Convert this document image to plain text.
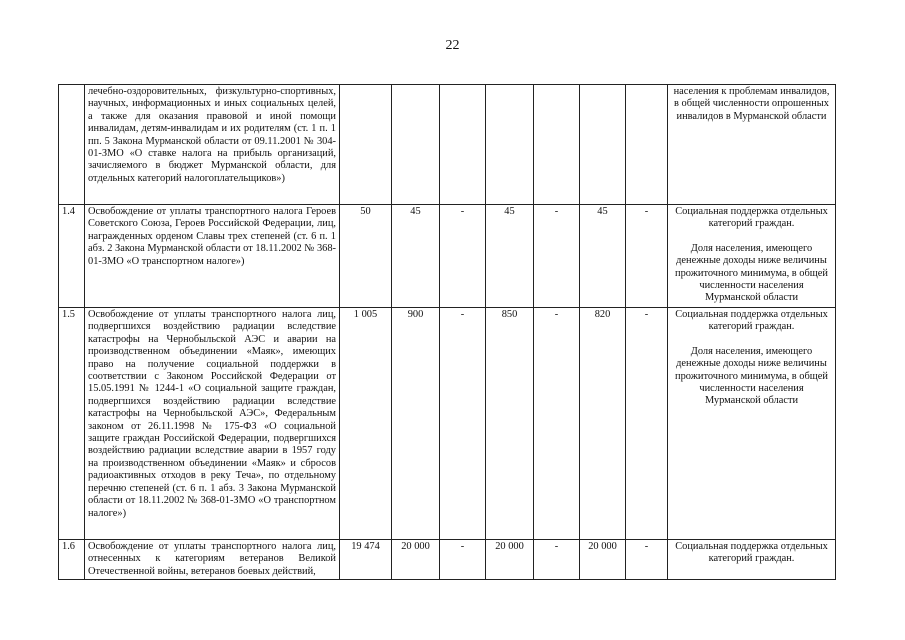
22
	лечебно-оздоровительных, физкультурно-спортивных, научных, информационных и иных социальных целей, а также для оказания правовой и иной помощи инвалидам, детям-инвалидам и их родителям (ст. 1 п. 1 пп. 5 Закона Мурманской области от 09.11.2001 № 304-01-ЗМО «О ставке налога на прибыль организаций, зачисляемого в бюджет Мурманской области, для отдельных категорий налогоплательщиков»)								населения к проблемам инвалидов, в общей численности опрошенных инвалидов в Мурманской области
1.4	Освобождение от уплаты транспортного налога Героев Советского Союза, Героев Российской Федерации, лиц, награжденных орденом Славы трех степеней (ст. 6 п. 1 абз. 2 Закона Мурманской области от 18.11.2002 № 368-01-ЗМО «О транспортном налоге»)	50	45	-	45	-	45	-	Социальная поддержка отдельных категорий граждан.
Доля населения, имеющего денежные доходы ниже величины прожиточного минимума, в общей численности населения Мурманской области
1.5	Освобождение от уплаты транспортного налога лиц, подвергшихся воздействию радиации вследствие катастрофы на Чернобыльской АЭС и аварии на производственном объединении «Маяк», имеющих право на получение социальной поддержки в соответствии с Законом Российской Федерации от 15.05.1991 № 1244-1 «О социальной защите граждан, подвергшихся воздействию радиации вследствие катастрофы на Чернобыльской АЭС», Федеральным законом от 26.11.1998 № 175-ФЗ «О социальной защите граждан Российской Федерации, подвергшихся воздействию радиации вследствие аварии в 1957 году на производственном объединении «Маяк» и сбросов радиоактивных отходов в реку Теча», по отдельному перечню степеней (ст. 6 п. 1 абз. 3 Закона Мурманской области от 18.11.2002 № 368-01-ЗМО «О транспортном налоге»)	1 005	900	-	850	-	820	-	Социальная поддержка отдельных категорий граждан.
Доля населения, имеющего денежные доходы ниже величины прожиточного минимума, в общей численности населения Мурманской области
1.6	Освобождение от уплаты транспортного налога лиц, отнесенных к категориям ветеранов Великой Отечественной войны, ветеранов боевых действий,	19 474	20 000	-	20 000	-	20 000	-	Социальная поддержка отдельных категорий граждан.
